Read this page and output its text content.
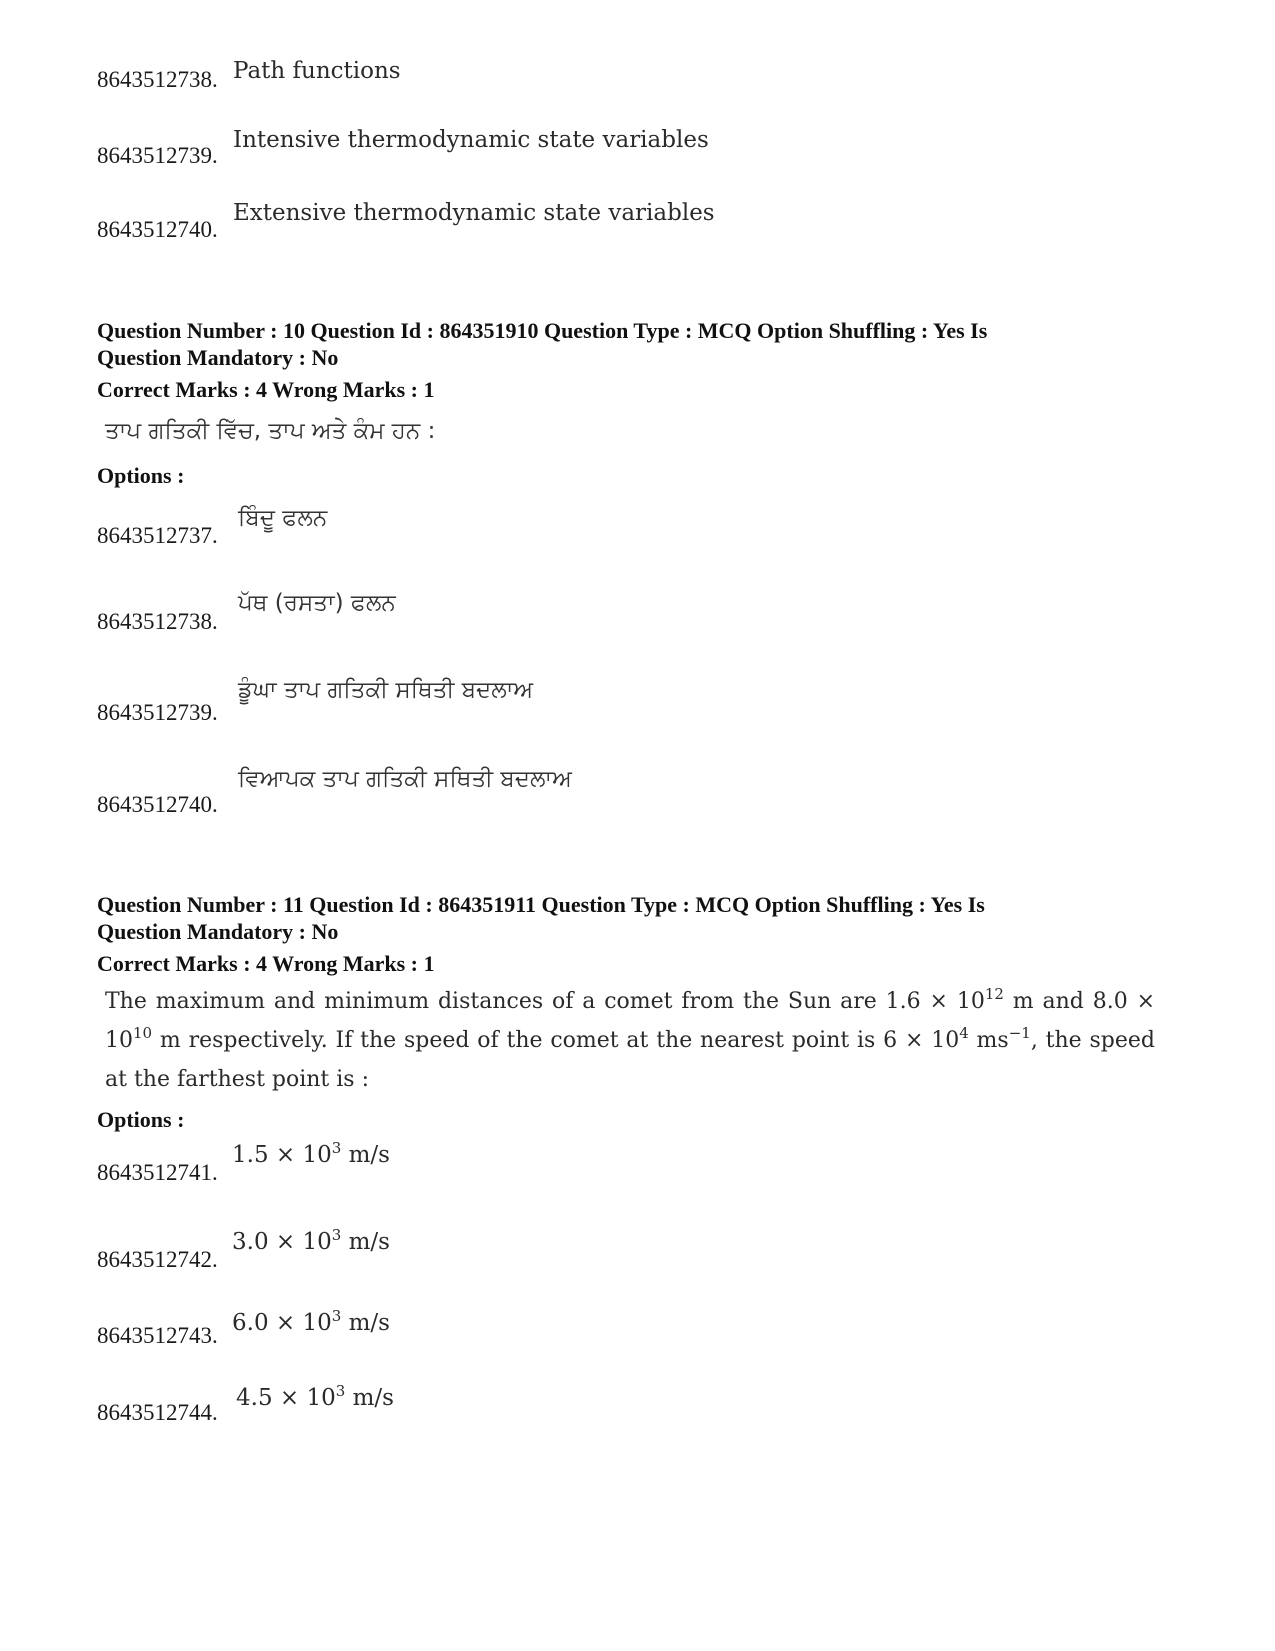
8643512738. Path functions
8643512739.
Intensive thermodynamic state variables
8643512740.
Extensive thermodynamic state variables
Question Number : 10 Question Id : 864351910 Question Type : MCQ Option Shuffling : Yes Is
Question Mandatory : No
Correct Marks : 4 Wrong Marks : 1
ਤਾਪ ਗਤਿਕੀ ਵਿੱਚ, ਤਾਪ ਅਤੇ ਕੰਮ ਹਨ :
Options :
8643512737.
ਬਿੰਦੂ ਫਲਨ
8643512738.
ਪੱਥ (ਰਸਤਾ) ਫਲਨ
8643512739.
ਡੂੰਘਾ ਤਾਪ ਗਤਿਕੀ ਸਥਿਤੀ ਬਦਲਾਅ
8643512740.
ਵਿਆਪਕ ਤਾਪ ਗਤਿਕੀ ਸਥਿਤੀ ਬਦਲਾਅ
Question Number : 11 Question Id : 864351911 Question Type : MCQ Option Shuffling : Yes Is
Question Mandatory : No
Correct Marks : 4 Wrong Marks : 1
The maximum and minimum distances of a comet from the Sun are $1.6 \times 10^{12}$ m and $8.0 \times 10^{10}$ m respectively. If the speed of the comet at the nearest point is $6 \times 10^4$ $ms^{-1}$, the speed at the farthest point is :
Options :
8643512741.
$1.5 \times 10^3$ m/s
8643512742.
$3.0 \times 10^3$ m/s
8643512743. $6.0 \times 10^3$ m/s
8643512744.
$4.5 \times 10^3$ m/s
